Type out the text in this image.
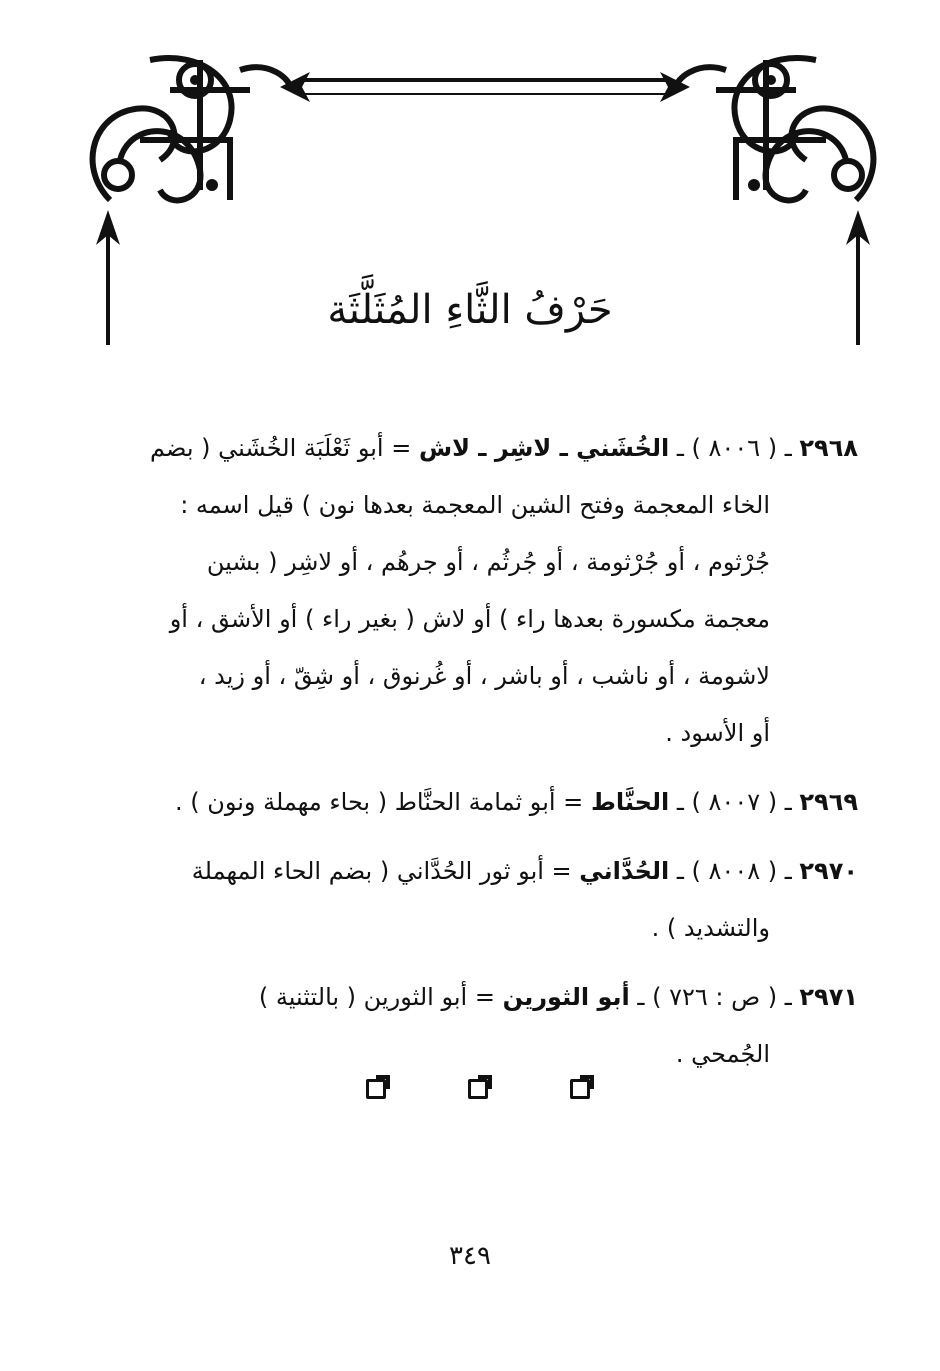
حَرْفُ الثَّاءِ المُثَلَّثَة
٢٩٦٨ ـ ( ٨٠٠٦ ) ـ الخُشَني ـ لاشِر ـ لاش = أبو ثَعْلَبَة الخُشَني ( بضم
الخاء المعجمة وفتح الشين المعجمة بعدها نون ) قيل اسمه :
جُرْثوم ، أو جُرْثومة ، أو جُرثُم ، أو جرهُم ، أو لاشِر ( بشين
معجمة مكسورة بعدها راء ) أو لاش ( بغير راء ) أو الأشق ، أو
لاشومة ، أو ناشب ، أو باشر ، أو غُرنوق ، أو شِقّ ، أو زيد ،
أو الأسود .
٢٩٦٩ ـ ( ٨٠٠٧ ) ـ الحنَّاط = أبو ثمامة الحنَّاط ( بحاء مهملة ونون ) .
٢٩٧٠ ـ ( ٨٠٠٨ ) ـ الحُدَّاني = أبو ثور الحُدَّاني ( بضم الحاء المهملة
والتشديد ) .
٢٩٧١ ـ ( ص : ٧٢٦ ) ـ أبو الثورين = أبو الثورين ( بالتثنية )
الجُمحي .
٣٤٩
